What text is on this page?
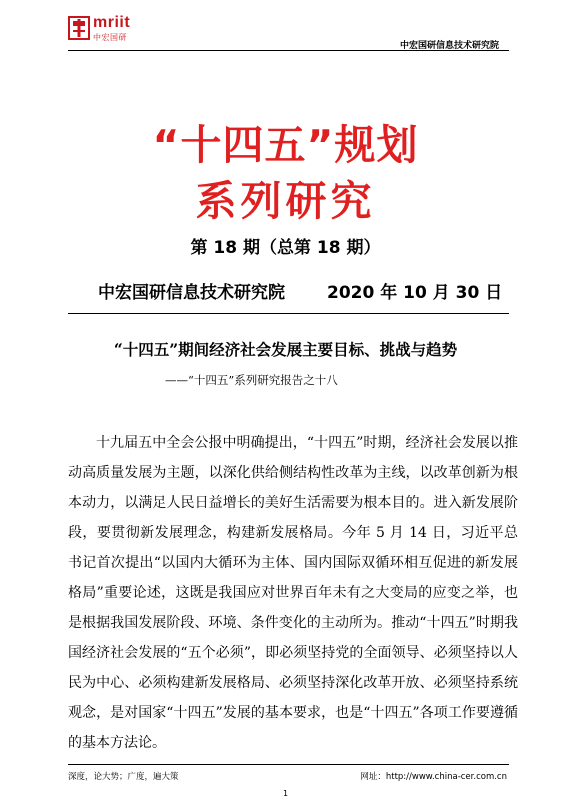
mriit
中宏国研
中宏国研信息技术研究院
“十四五”规划
系列研究
第 18 期（总第 18 期）
中宏国研信息技术研究院 2020 年 10 月 30 日
“十四五”期间经济社会发展主要目标、挑战与趋势
——“十四五”系列研究报告之十八

十九届五中全会公报中明确提出，“十四五”时期，经济社会发展以推动高质量发展为主题，以深化供给侧结构性改革为主线，以改革创新为根本动力，以满足人民日益增长的美好生活需要为根本目的。进入新发展阶段，要贯彻新发展理念，构建新发展格局。今年 5 月 14 日，习近平总书记首次提出“以国内大循环为主体、国内国际双循环相互促进的新发展格局”重要论述，这既是我国应对世界百年未有之大变局的应变之举，也是根据我国发展阶段、环境、条件变化的主动所为。推动“十四五”时期我国经济社会发展的“五个必须”，即必须坚持党的全面领导、必须坚持以人民为中心、必须构建新发展格局、必须坚持深化改革开放、必须坚持系统观念，是对国家“十四五”发展的基本要求，也是“十四五”各项工作要遵循的基本方法论。

深度，论大势；广度，遍大策	网址：http://www.china-cer.com.cn
1
